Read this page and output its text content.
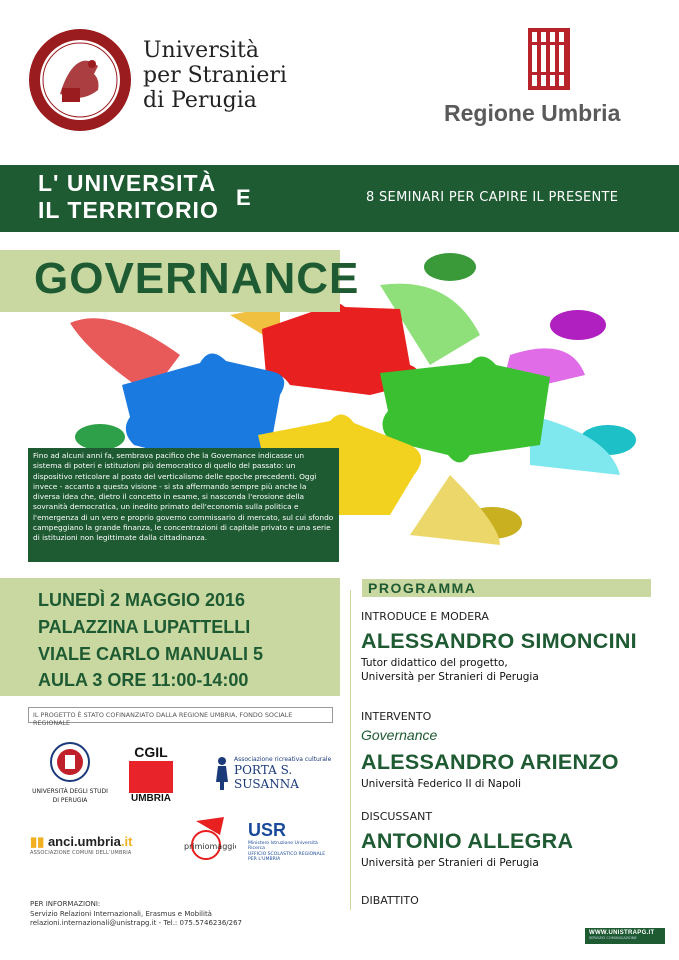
Università
per Stranieri
di Perugia	Regione Umbria
L' UNIVERSITÀ
IL TERRITORIO E	8 SEMINARI PER CAPIRE IL PRESENTE
GOVERNANCE
Fino ad alcuni anni fa, sembrava pacifico che la Governance indicasse un sistema di poteri e istituzioni più democratico di quello del passato: un dispositivo reticolare al posto del verticalismo delle epoche precedenti. Oggi invece - accanto a questa visione - si sta affermando sempre più anche la diversa idea che, dietro il concetto in esame, si nasconda l'erosione della sovranità democratica, un inedito primato dell'economia sulla politica e l'emergenza di un vero e proprio governo commissario di mercato, sul cui sfondo campeggiano la grande finanza, le concentrazioni di capitale privato e una serie di istituzioni non legittimate dalla cittadinanza.
LUNEDÌ 2 MAGGIO 2016
PALAZZINA LUPATTELLI
VIALE CARLO MANUALI 5
AULA 3 ORE 11:00-14:00
IL PROGETTO È STATO COFINANZIATO DALLA REGIONE UMBRIA, FONDO SOCIALE REGIONALE
UNIVERSITÀ DEGLI STUDI
DI PERUGIA
CGIL
UMBRIA
Associazione ricreativa culturale
PORTA S. SUSANNA
▮▮ anci.umbria.it
ASSOCIAZIONE COMUNI DELL'UMBRIA
primiomaggio
USR
Ministero Istruzione Università Ricerca
UFFICIO SCOLASTICO REGIONALE PER L'UMBRIA
PER INFORMAZIONI:
Servizio Relazioni Internazionali, Erasmus e Mobilità
relazioni.internazionali@unistrapg.it - Tel.: 075.5746236/267
PROGRAMMA
INTRODUCE E MODERA
ALESSANDRO SIMONCINI
Tutor didattico del progetto,
Università per Stranieri di Perugia
INTERVENTO
Governance
ALESSANDRO ARIENZO
Università Federico II di Napoli
DISCUSSANT
ANTONIO ALLEGRA
Università per Stranieri di Perugia
DIBATTITO
WWW.UNISTRAPG.IT
SERVIZIO COMUNICAZIONE
